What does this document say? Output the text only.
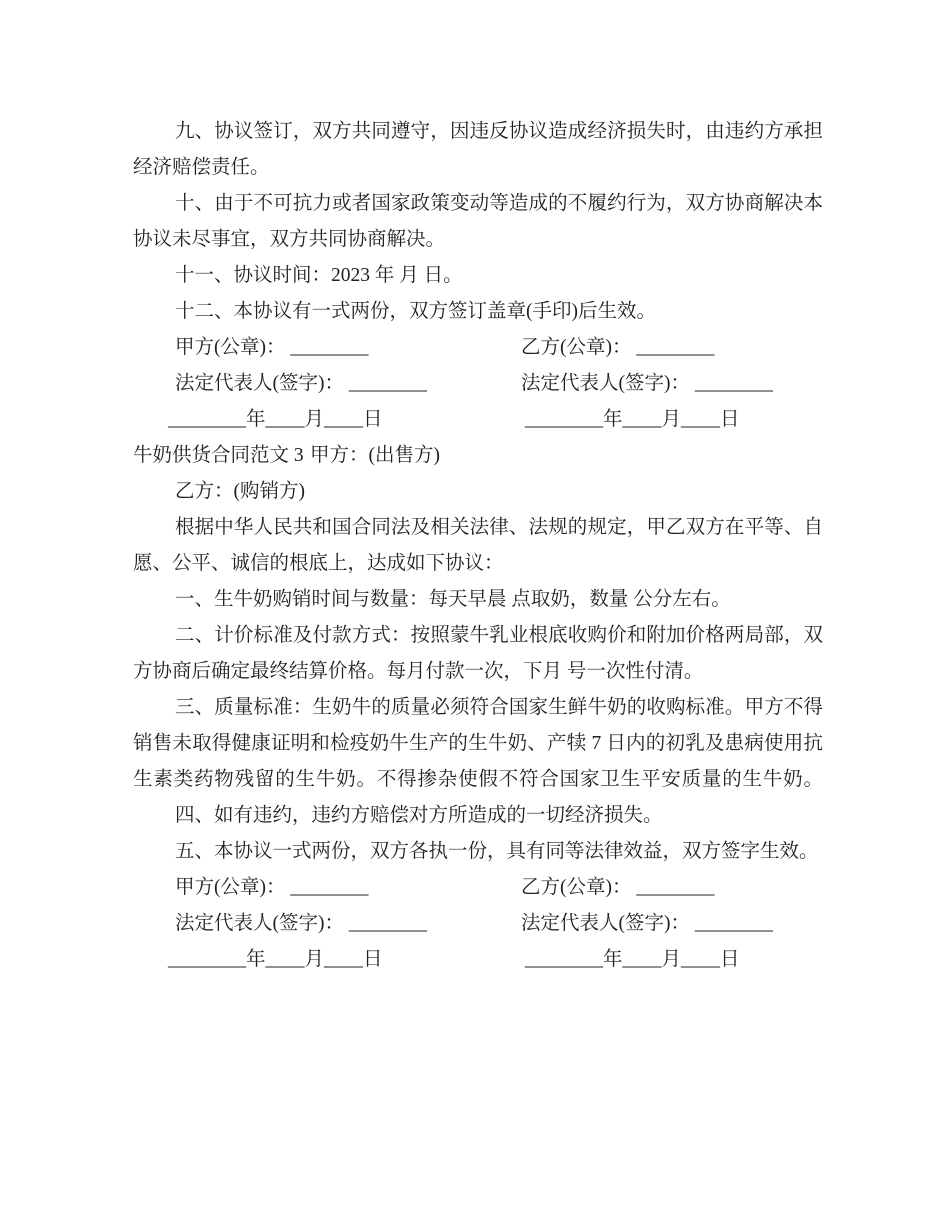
九、协议签订，双方共同遵守，因违反协议造成经济损失时，由违约方承担
经济赔偿责任。
十、由于不可抗力或者国家政策变动等造成的不履约行为，双方协商解决本
协议未尽事宜，双方共同协商解决。
十一、协议时间：2023 年 月 日。
十二、本协议有一式两份，双方签订盖章(手印)后生效。
甲方(公章)： ________	乙方(公章)： ________
法定代表人(签字)： ________	法定代表人(签字)： ________
________年____月____日	________年____月____日
牛奶供货合同范文 3 甲方：(出售方)
乙方：(购销方)
根据中华人民共和国合同法及相关法律、法规的规定，甲乙双方在平等、自
愿、公平、诚信的根底上，达成如下协议：
一、生牛奶购销时间与数量：每天早晨 点取奶，数量 公分左右。
二、计价标准及付款方式：按照蒙牛乳业根底收购价和附加价格两局部，双
方协商后确定最终结算价格。每月付款一次，下月 号一次性付清。
三、质量标准：生奶牛的质量必须符合国家生鲜牛奶的收购标准。甲方不得
销售未取得健康证明和检疫奶牛生产的生牛奶、产犊 7 日内的初乳及患病使用抗
生素类药物残留的生牛奶。不得掺杂使假不符合国家卫生平安质量的生牛奶。
四、如有违约，违约方赔偿对方所造成的一切经济损失。
五、本协议一式两份，双方各执一份，具有同等法律效益，双方签字生效。
甲方(公章)： ________	乙方(公章)： ________
法定代表人(签字)： ________	法定代表人(签字)： ________
________年____月____日	________年____月____日
